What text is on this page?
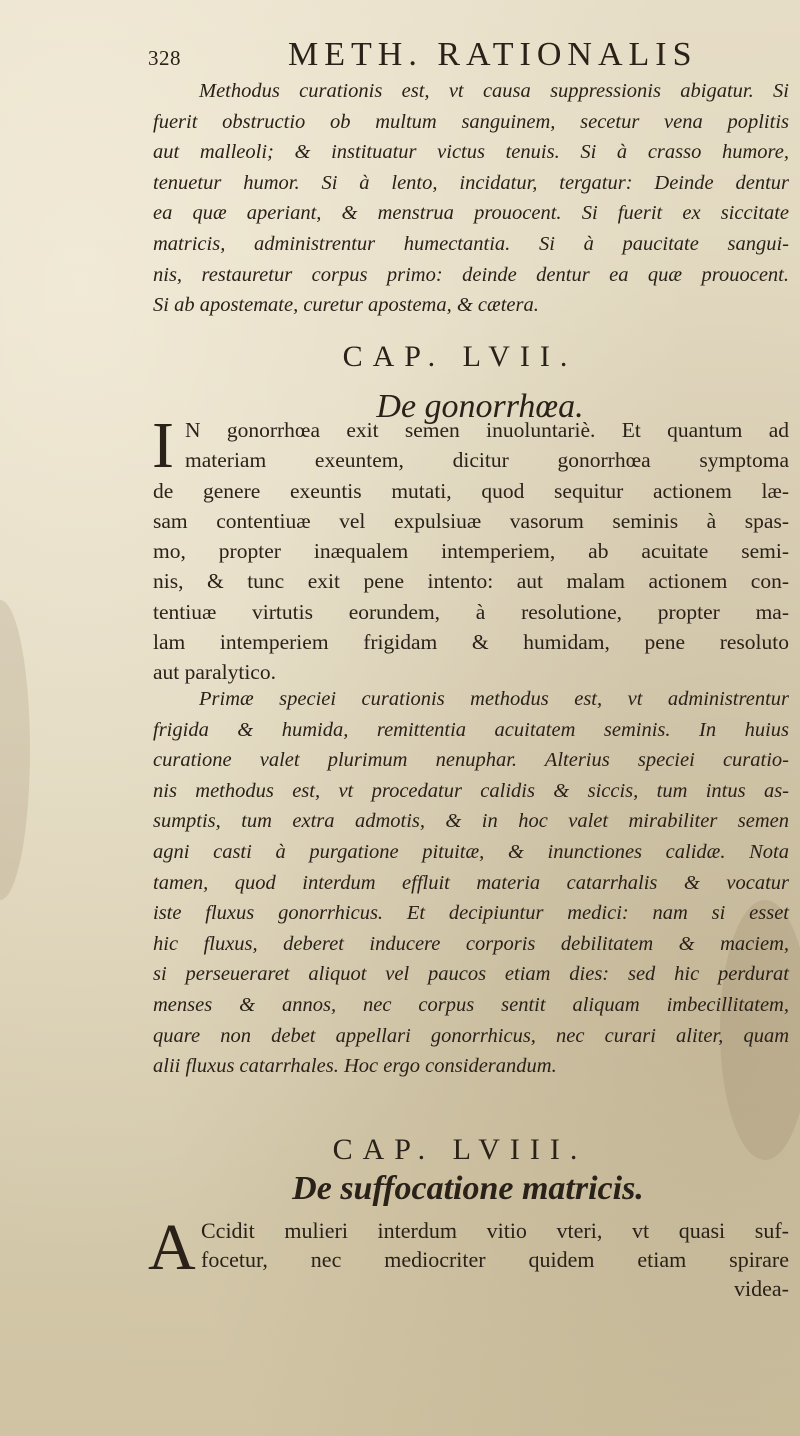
328	METH. RATIONALIS
Methodus curationis est, vt causa suppressionis abigatur. Si
fuerit obstructio ob multum sanguinem, secetur vena poplitis
aut malleoli; & instituatur victus tenuis. Si à crasso humore,
tenuetur humor. Si à lento, incidatur, tergatur: Deinde dentur
ea quæ aperiant, & menstrua prouocent. Si fuerit ex siccitate
matricis, administrentur humectantia. Si à paucitate sangui-
nis, restauretur corpus primo: deinde dentur ea quæ prouocent.
Si ab apostemate, curetur apostema, & cætera.
CAP. LVII.
De gonorrhœa.
I N gonorrhœa exit semen inuoluntariè. Et quantum ad
materiam exeuntem, dicitur gonorrhœa symptoma
de genere exeuntis mutati, quod sequitur actionem læ-
sam contentiuæ vel expulsiuæ vasorum seminis à spas-
mo, propter inæqualem intemperiem, ab acuitate semi-
nis, & tunc exit pene intento: aut malam actionem con-
tentiuæ virtutis eorundem, à resolutione, propter ma-
lam intemperiem frigidam & humidam, pene resoluto
aut paralytico.
Primæ speciei curationis methodus est, vt administrentur
frigida & humida, remittentia acuitatem seminis. In huius
curatione valet plurimum nenuphar. Alterius speciei curatio-
nis methodus est, vt procedatur calidis & siccis, tum intus as-
sumptis, tum extra admotis, & in hoc valet mirabiliter semen
agni casti à purgatione pituitæ, & inunctiones calidæ. Nota
tamen, quod interdum effluit materia catarrhalis & vocatur
iste fluxus gonorrhicus. Et decipiuntur medici: nam si esset
hic fluxus, deberet inducere corporis debilitatem & maciem,
si perseueraret aliquot vel paucos etiam dies: sed hic perdurat
menses & annos, nec corpus sentit aliquam imbecillitatem,
quare non debet appellari gonorrhicus, nec curari aliter, quam
alii fluxus catarrhales. Hoc ergo considerandum.
CAP. LVIII.
De suffocatione matricis.
A Ccidit mulieri interdum vitio vteri, vt quasi suf-
focetur, nec mediocriter quidem etiam spirare
videa-
